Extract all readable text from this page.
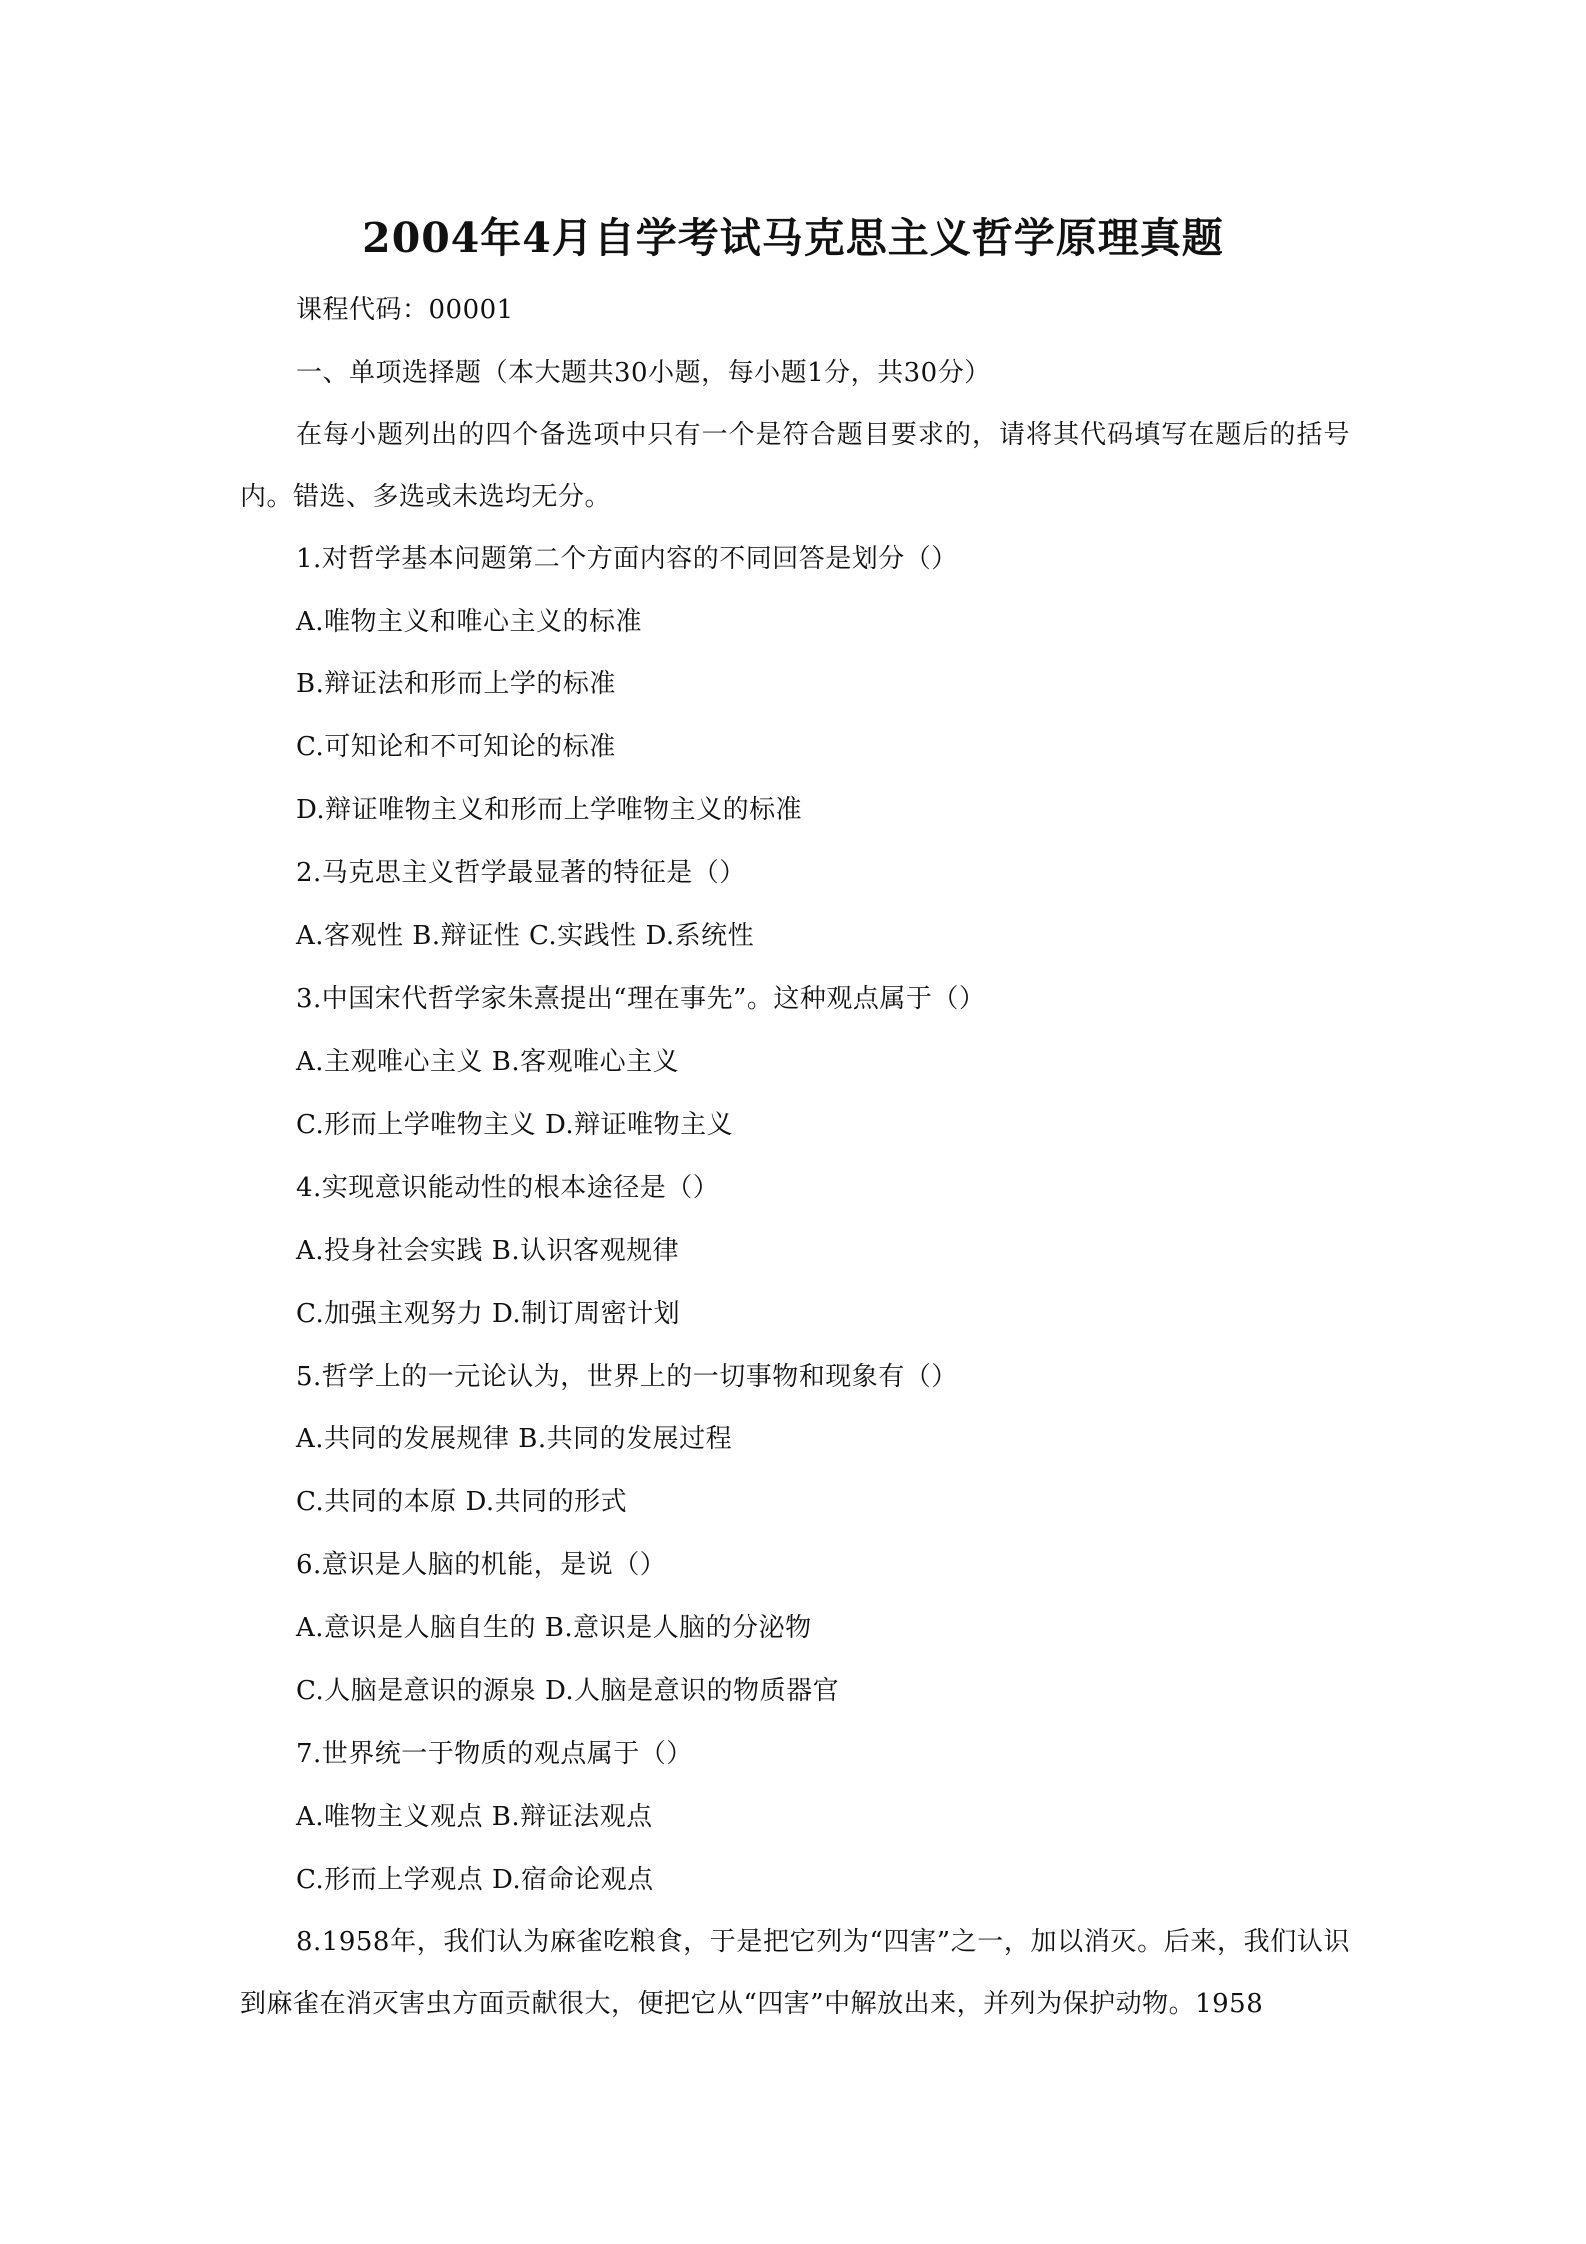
2004年4月自学考试马克思主义哲学原理真题
课程代码：00001
一、单项选择题（本大题共30小题，每小题1分，共30分）
在每小题列出的四个备选项中只有一个是符合题目要求的，请将其代码填写在题后的括号内。错选、多选或未选均无分。
1.对哲学基本问题第二个方面内容的不同回答是划分（）
A.唯物主义和唯心主义的标准
B.辩证法和形而上学的标准
C.可知论和不可知论的标准
D.辩证唯物主义和形而上学唯物主义的标准
2.马克思主义哲学最显著的特征是（）
A.客观性 B.辩证性 C.实践性 D.系统性
3.中国宋代哲学家朱熹提出“理在事先”。这种观点属于（）
A.主观唯心主义 B.客观唯心主义
C.形而上学唯物主义 D.辩证唯物主义
4.实现意识能动性的根本途径是（）
A.投身社会实践 B.认识客观规律
C.加强主观努力 D.制订周密计划
5.哲学上的一元论认为，世界上的一切事物和现象有（）
A.共同的发展规律 B.共同的发展过程
C.共同的本原 D.共同的形式
6.意识是人脑的机能，是说（）
A.意识是人脑自生的 B.意识是人脑的分泌物
C.人脑是意识的源泉 D.人脑是意识的物质器官
7.世界统一于物质的观点属于（）
A.唯物主义观点 B.辩证法观点
C.形而上学观点 D.宿命论观点
8.1958年，我们认为麻雀吃粮食，于是把它列为“四害”之一，加以消灭。后来，我们认识到麻雀在消灭害虫方面贡献很大，便把它从“四害”中解放出来，并列为保护动物。1958
